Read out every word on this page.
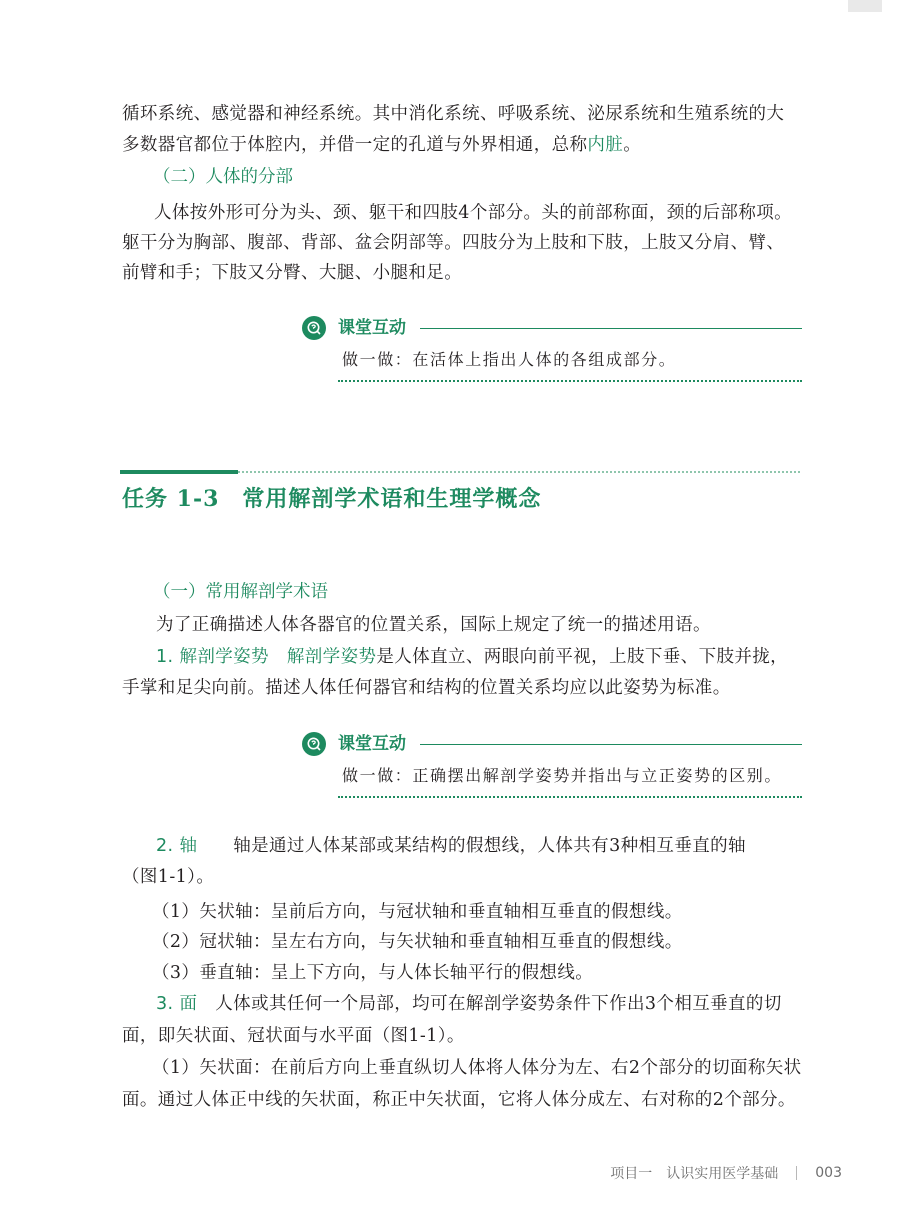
循环系统、感觉器和神经系统。其中消化系统、呼吸系统、泌尿系统和生殖系统的大
多数器官都位于体腔内，并借一定的孔道与外界相通，总称内脏。
（二）人体的分部
人体按外形可分为头、颈、躯干和四肢4个部分。头的前部称面，颈的后部称项。
躯干分为胸部、腹部、背部、盆会阴部等。四肢分为上肢和下肢，上肢又分肩、臂、
前臂和手；下肢又分臀、大腿、小腿和足。
课堂互动
做一做：在活体上指出人体的各组成部分。
任务 1-3　常用解剖学术语和生理学概念
（一）常用解剖学术语
为了正确描述人体各器官的位置关系，国际上规定了统一的描述用语。
1. 解剖学姿势　 解剖学姿势是人体直立、两眼向前平视，上肢下垂、下肢并拢，
手掌和足尖向前。描述人体任何器官和结构的位置关系均应以此姿势为标准。
课堂互动
做一做：正确摆出解剖学姿势并指出与立正姿势的区别。
2. 轴　　 轴是通过人体某部或某结构的假想线，人体共有3种相互垂直的轴
（图1-1）。
（1）矢状轴：呈前后方向，与冠状轴和垂直轴相互垂直的假想线。
（2）冠状轴：呈左右方向，与矢状轴和垂直轴相互垂直的假想线。
（3）垂直轴：呈上下方向，与人体长轴平行的假想线。
3. 面　 人体或其任何一个局部，均可在解剖学姿势条件下作出3个相互垂直的切
面，即矢状面、冠状面与水平面（图1-1）。
（1）矢状面：在前后方向上垂直纵切人体将人体分为左、右2个部分的切面称矢状
面。通过人体正中线的矢状面，称正中矢状面，它将人体分成左、右对称的2个部分。
项目一　认识实用医学基础	003
